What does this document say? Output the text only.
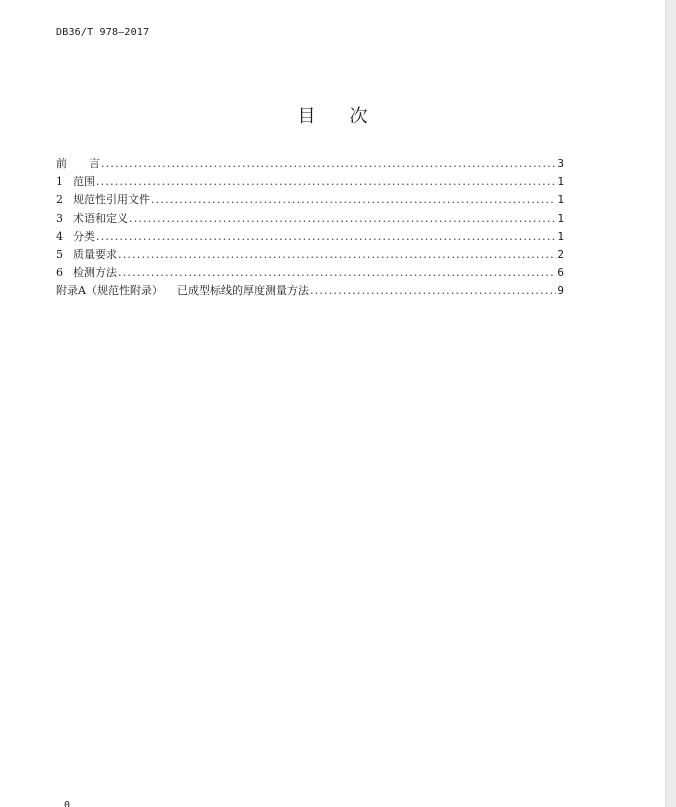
DB36/T 978—2017
目 次
前 言 .....	3
1 范围 .....	1
2 规范性引用文件 .....	1
3 术语和定义 .....	1
4 分类 .....	1
5 质量要求 .....	2
6 检测方法 .....	6
附录A（规范性附录） 已成型标线的厚度测量方法 .....	9
0
